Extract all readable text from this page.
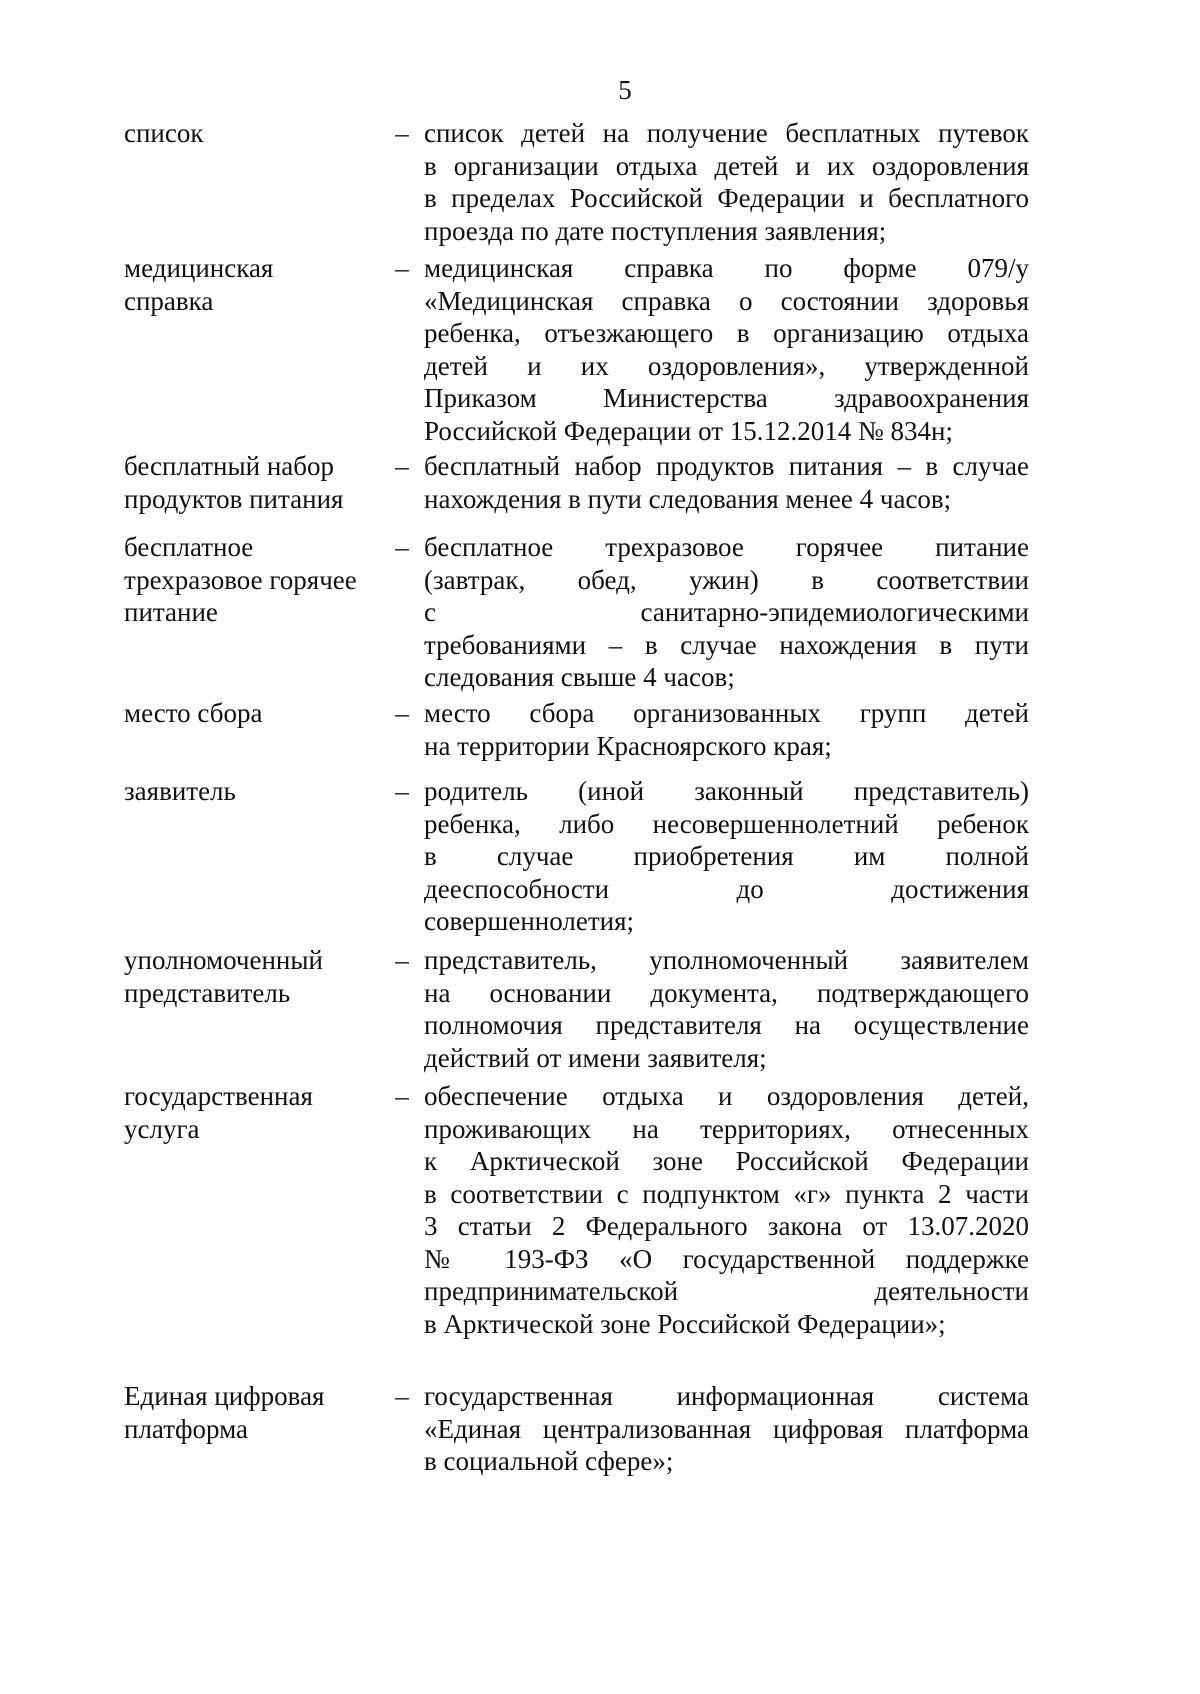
5
список	– список детей на получение бесплатных путевок
в организации отдыха детей и их оздоровления
в пределах Российской Федерации и бесплатного
проезда по дате поступления заявления;
медицинская
справка
– медицинская справка по форме 079/у
«Медицинская справка о состоянии здоровья
ребенка, отъезжающего в организацию отдыха
детей и их оздоровления», утвержденной
Приказом Министерства здравоохранения
Российской Федерации от 15.12.2014 № 834н;
бесплатный набор
продуктов питания
– бесплатный набор продуктов питания – в случае
нахождения в пути следования менее 4 часов;
бесплатное
трехразовое горячее
питание
– бесплатное трехразовое горячее питание
(завтрак, обед, ужин) в соответствии
с санитарно-эпидемиологическими
требованиями – в случае нахождения в пути
следования свыше 4 часов;
место сбора	– место сбора организованных групп детей
на территории Красноярского края;
заявитель	– родитель (иной законный представитель)
ребенка, либо несовершеннолетний ребенок
в случае приобретения им полной
дееспособности до достижения
совершеннолетия;
уполномоченный
представитель
– представитель, уполномоченный заявителем
на основании документа, подтверждающего
полномочия представителя на осуществление
действий от имени заявителя;
государственная
услуга
– обеспечение отдыха и оздоровления детей,
проживающих на территориях, отнесенных
к Арктической зоне Российской Федерации
в соответствии с подпунктом «г» пункта 2 части
3 статьи 2 Федерального закона от 13.07.2020
№ 193-ФЗ «О государственной поддержке
предпринимательской деятельности
в Арктической зоне Российской Федерации»;
Единая цифровая
платформа
– государственная информационная система
«Единая централизованная цифровая платформа
в социальной сфере»;
